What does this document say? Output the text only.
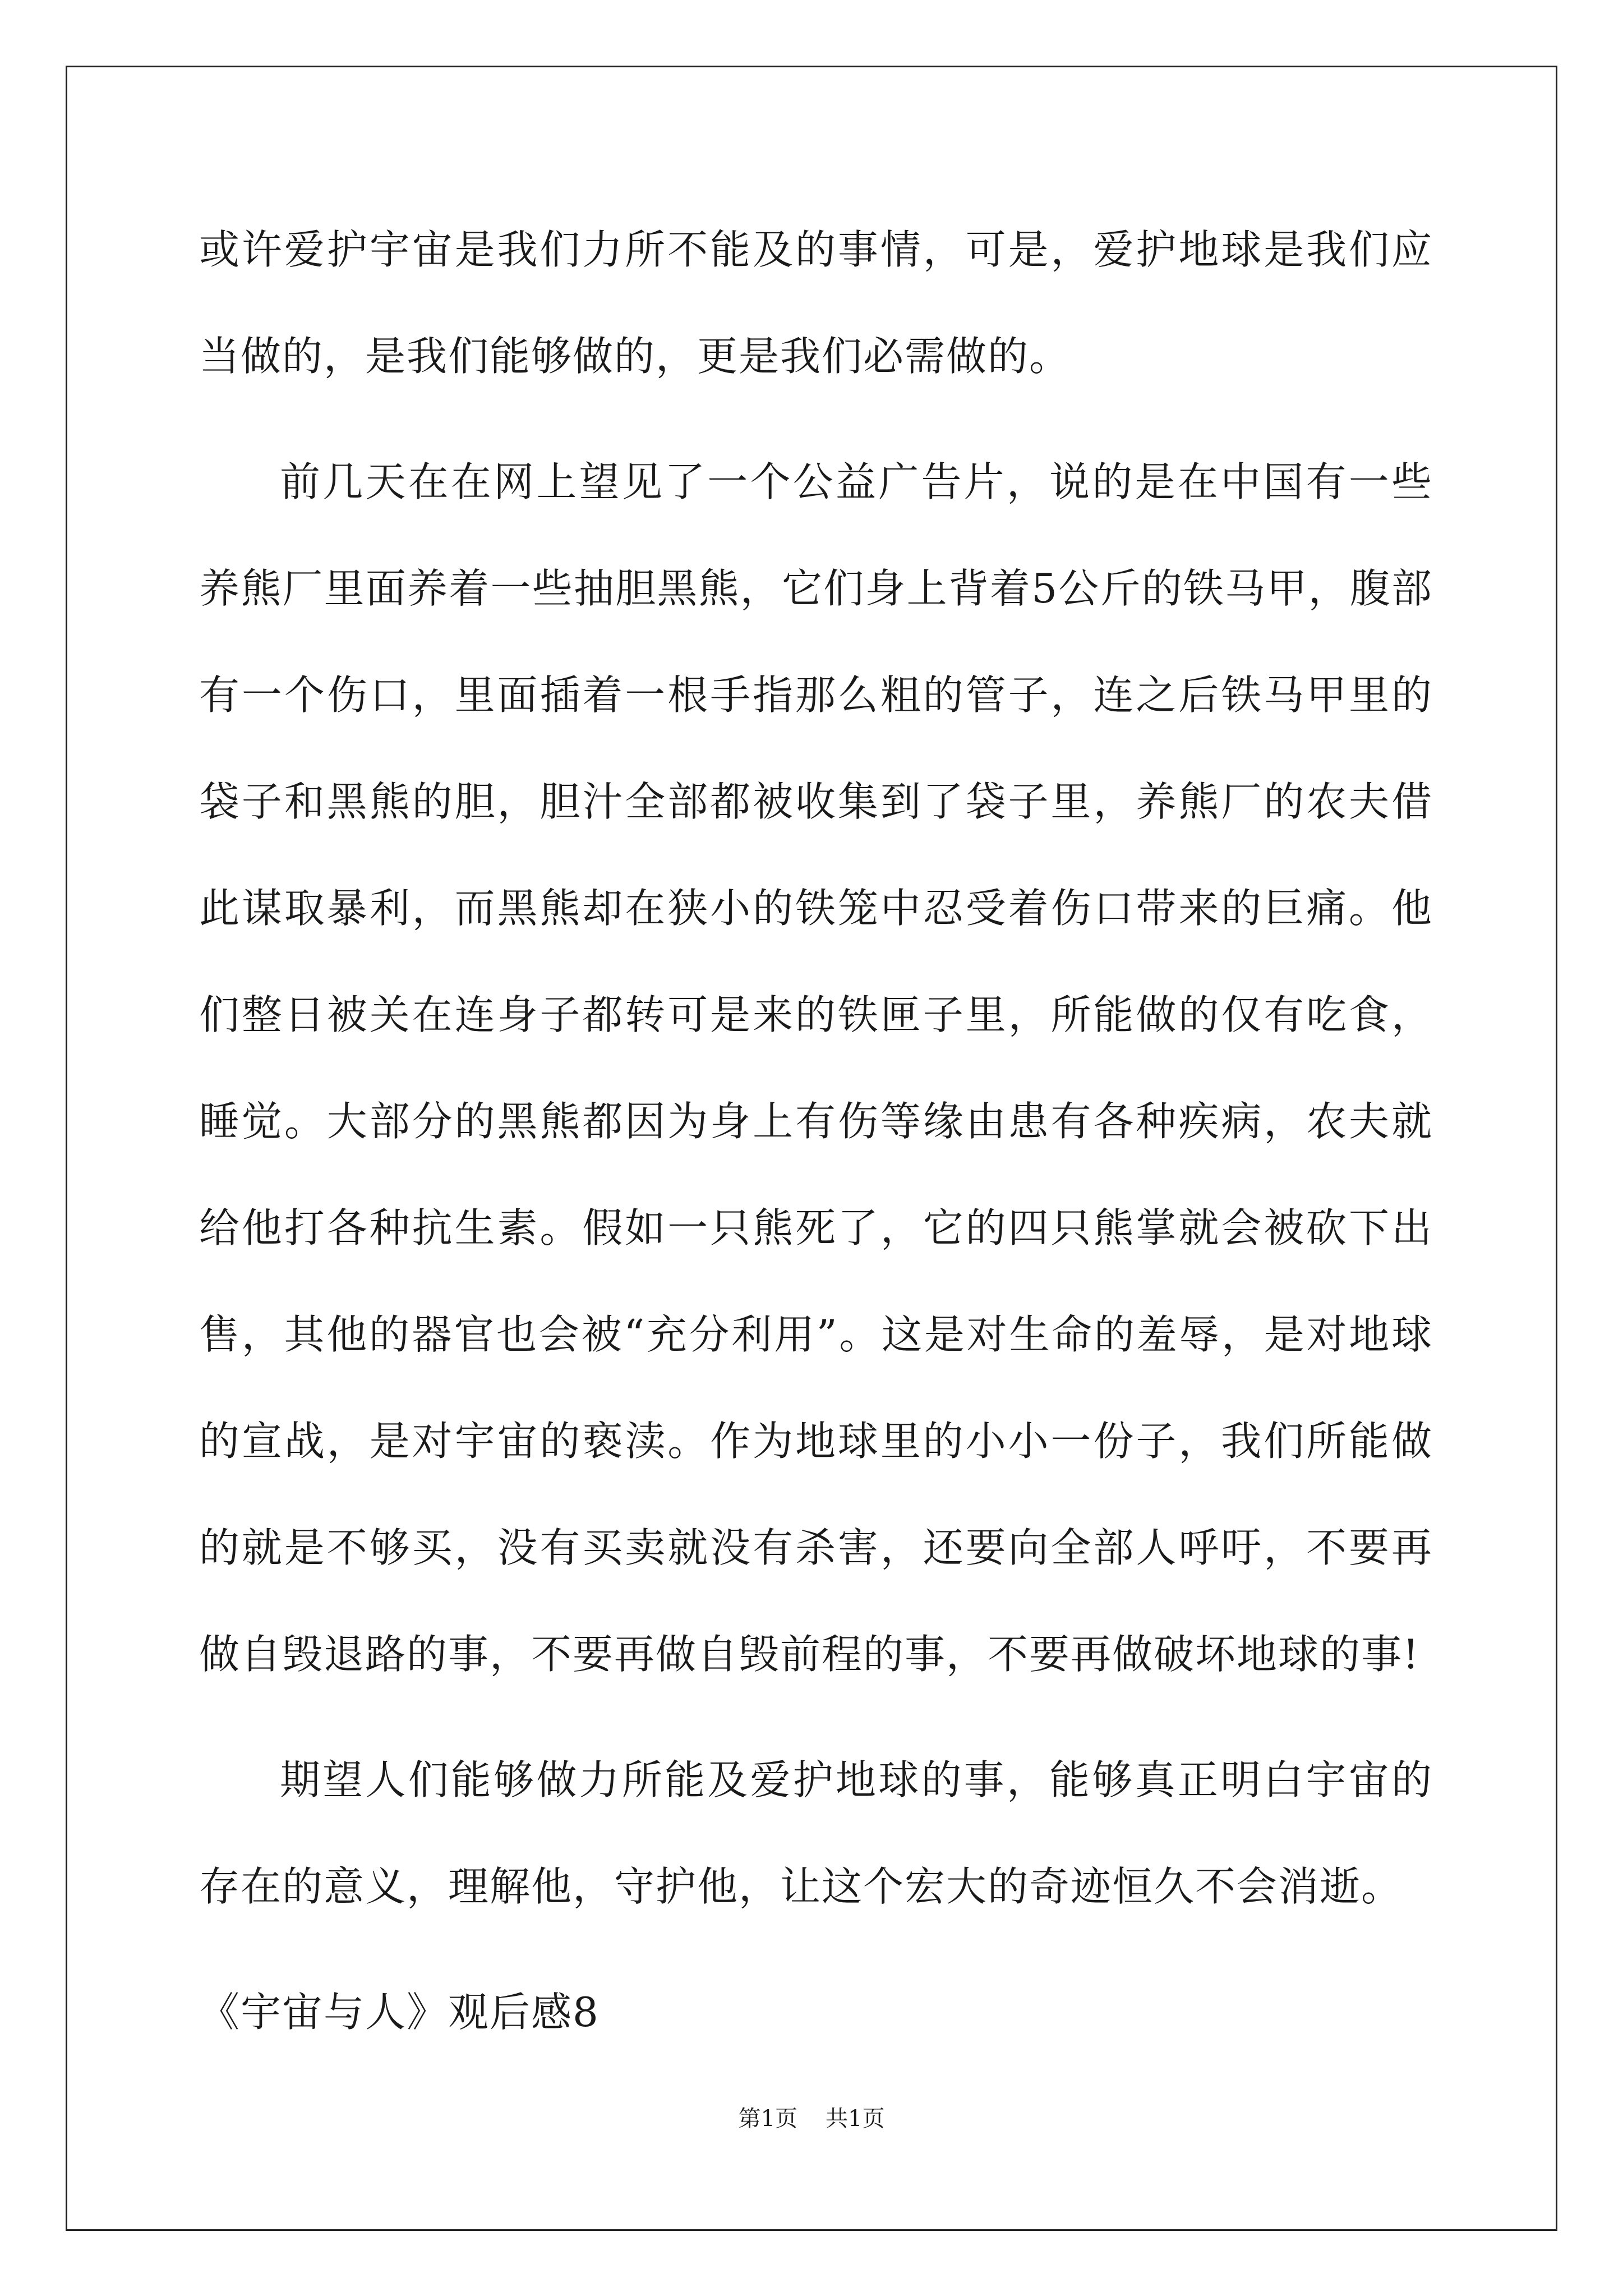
或许爱护宇宙是我们力所不能及的事情，可是，爱护地球是我们应当做的，是我们能够做的，更是我们必需做的。

前几天在在网上望见了一个公益广告片，说的是在中国有一些养熊厂里面养着一些抽胆黑熊，它们身上背着5公斤的铁马甲，腹部有一个伤口，里面插着一根手指那么粗的管子，连之后铁马甲里的袋子和黑熊的胆，胆汁全部都被收集到了袋子里，养熊厂的农夫借此谋取暴利，而黑熊却在狭小的铁笼中忍受着伤口带来的巨痛。他们整日被关在连身子都转可是来的铁匣子里，所能做的仅有吃食，睡觉。大部分的黑熊都因为身上有伤等缘由患有各种疾病，农夫就给他打各种抗生素。假如一只熊死了，它的四只熊掌就会被砍下出售，其他的器官也会被“充分利用”。这是对生命的羞辱，是对地球的宣战，是对宇宙的亵渎。作为地球里的小小一份子，我们所能做的就是不够买，没有买卖就没有杀害，还要向全部人呼吁，不要再做自毁退路的事，不要再做自毁前程的事，不要再做破坏地球的事!

期望人们能够做力所能及爱护地球的事，能够真正明白宇宙的存在的意义，理解他，守护他，让这个宏大的奇迹恒久不会消逝。

《宇宙与人》观后感8

第1页 共1页
